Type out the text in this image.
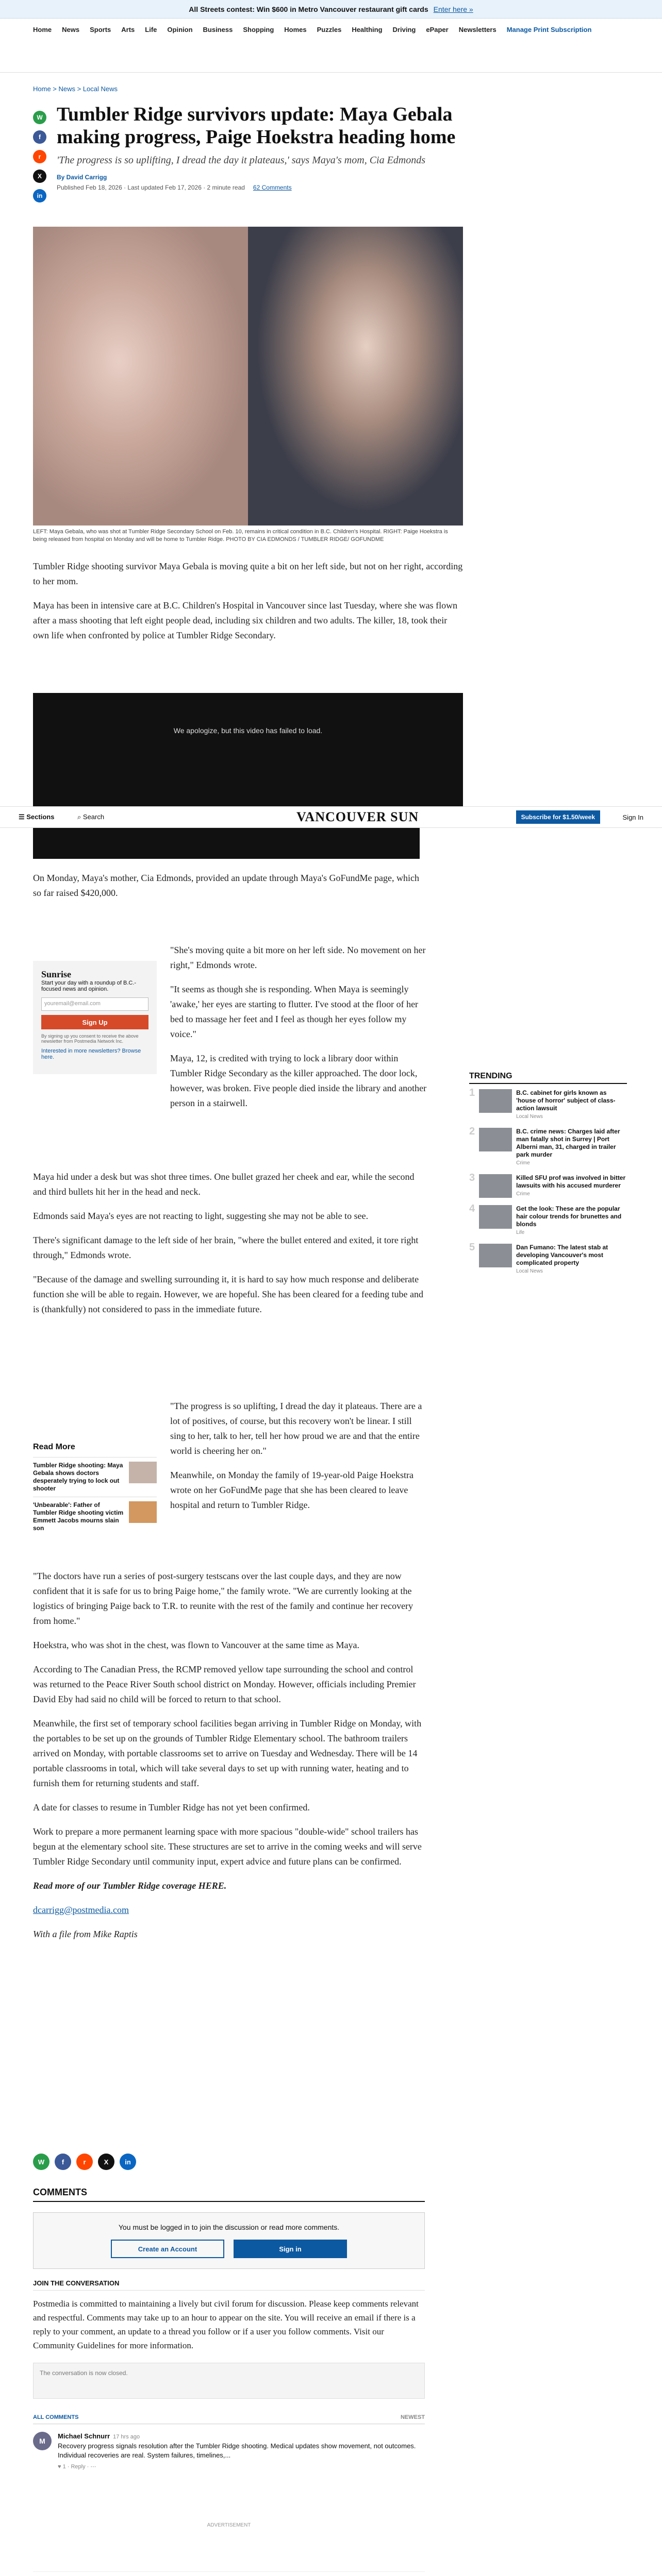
All Streets contest: Win $600 in Metro Vancouver restaurant gift cards Enter here »
Home News Sports Arts Life Opinion Business Shopping Homes Puzzles Healthing Driving ePaper Newsletters Manage Print Subscription
Home > News > Local News
W
f
r
X
in
Tumbler Ridge survivors update: Maya Gebala making progress, Paige Hoekstra heading home
'The progress is so uplifting, I dread the day it plateaus,' says Maya's mom, Cia Edmonds
By David Carrigg
Published Feb 18, 2026 · Last updated Feb 17, 2026 · 2 minute read 62 Comments
LEFT: Maya Gebala, who was shot at Tumbler Ridge Secondary School on Feb. 10, remains in critical condition in B.C. Children's Hospital. RIGHT: Paige Hoekstra is being released from hospital on Monday and will be home to Tumbler Ridge. PHOTO BY CIA EDMONDS / TUMBLER RIDGE/ GOFUNDME

Tumbler Ridge shooting survivor Maya Gebala is moving quite a bit on her left side, but not on her right, according to her mom.

Maya has been in intensive care at B.C. Children's Hospital in Vancouver since last Tuesday, where she was flown after a mass shooting that left eight people dead, including six children and two adults. The killer, 18, took their own life when confronted by police at Tumbler Ridge Secondary.

We apologize, but this video has failed to load.
☰ Sections	⌕ Search	VANCOUVER SUN	Subscribe for $1.50/week	Sign In

On Monday, Maya's mother, Cia Edmonds, provided an update through Maya's GoFundMe page, which so far raised $420,000.

Sunrise
Start your day with a roundup of B.C.-focused news and opinion.
youremail@email.com
Sign Up
By signing up you consent to receive the above newsletter from Postmedia Network Inc.
Interested in more newsletters? Browse here.

"She's moving quite a bit more on her left side. No movement on her right," Edmonds wrote.

"It seems as though she is responding. When Maya is seemingly 'awake,' her eyes are starting to flutter. I've stood at the floor of her bed to massage her feet and I feel as though her eyes follow my voice."

Maya, 12, is credited with trying to lock a library door within Tumbler Ridge Secondary as the killer approached. The door lock, however, was broken. Five people died inside the library and another person in a stairwell.

Maya hid under a desk but was shot three times. One bullet grazed her cheek and ear, while the second and third bullets hit her in the head and neck.

Edmonds said Maya's eyes are not reacting to light, suggesting she may not be able to see.

There's significant damage to the left side of her brain, "where the bullet entered and exited, it tore right through," Edmonds wrote.

"Because of the damage and swelling surrounding it, it is hard to say how much response and deliberate function she will be able to regain. However, we are hopeful. She has been cleared for a feeding tube and is (thankfully) not considered to pass in the immediate future.

Read More
Tumbler Ridge shooting: Maya Gebala shows doctors desperately trying to lock out shooter
'Unbearable': Father of Tumbler Ridge shooting victim Emmett Jacobs mourns slain son

"The progress is so uplifting, I dread the day it plateaus. There are a lot of positives, of course, but this recovery won't be linear. I still sing to her, talk to her, tell her how proud we are and that the entire world is cheering her on."

Meanwhile, on Monday the family of 19-year-old Paige Hoekstra wrote on her GoFundMe page that she has been cleared to leave hospital and return to Tumbler Ridge.

"The doctors have run a series of post-surgery testscans over the last couple days, and they are now confident that it is safe for us to bring Paige home," the family wrote. "We are currently looking at the logistics of bringing Paige back to T.R. to reunite with the rest of the family and continue her recovery from home."

Hoekstra, who was shot in the chest, was flown to Vancouver at the same time as Maya.

According to The Canadian Press, the RCMP removed yellow tape surrounding the school and control was returned to the Peace River South school district on Monday. However, officials including Premier David Eby had said no child will be forced to return to that school.

Meanwhile, the first set of temporary school facilities began arriving in Tumbler Ridge on Monday, with the portables to be set up on the grounds of Tumbler Ridge Elementary school. The bathroom trailers arrived on Monday, with portable classrooms set to arrive on Tuesday and Wednesday. There will be 14 portable classrooms in total, which will take several days to set up with running water, heating and to furnish them for returning students and staff.

A date for classes to resume in Tumbler Ridge has not yet been confirmed.

Work to prepare a more permanent learning space with more spacious "double-wide" school trailers has begun at the elementary school site. These structures are set to arrive in the coming weeks and will serve Tumbler Ridge Secondary until community input, expert advice and future plans can be confirmed.

Read more of our Tumbler Ridge coverage HERE.

dcarrigg@postmedia.com

With a file from Mike Raptis

TRENDING
1	B.C. cabinet for girls known as 'house of horror' subject of class-action lawsuit
Local News
2	B.C. crime news: Charges laid after man fatally shot in Surrey | Port Alberni man, 31, charged in trailer park murder
Crime
3	Killed SFU prof was involved in bitter lawsuits with his accused murderer
Crime
4	Get the look: These are the popular hair colour trends for brunettes and blonds
Life
5	Dan Fumano: The latest stab at developing Vancouver's most complicated property
Local News
W	f	r	X	in
COMMENTS
You must be logged in to join the discussion or read more comments.
Create an Account	Sign in
JOIN THE CONVERSATION

Postmedia is committed to maintaining a lively but civil forum for discussion. Please keep comments relevant and respectful. Comments may take up to an hour to appear on the site. You will receive an email if there is a reply to your comment, an update to a thread you follow or if a user you follow comments. Visit our Community Guidelines for more information.

The conversation is now closed.
ALL COMMENTS	NEWEST
M
Michael Schnurr 17 hrs ago
Recovery progress signals resolution after the Tumbler Ridge shooting. Medical updates show movement, not outcomes. Individual recoveries are real. System failures, timelines,...
♥ 1 · Reply · ⋯
ADVERTISEMENT
